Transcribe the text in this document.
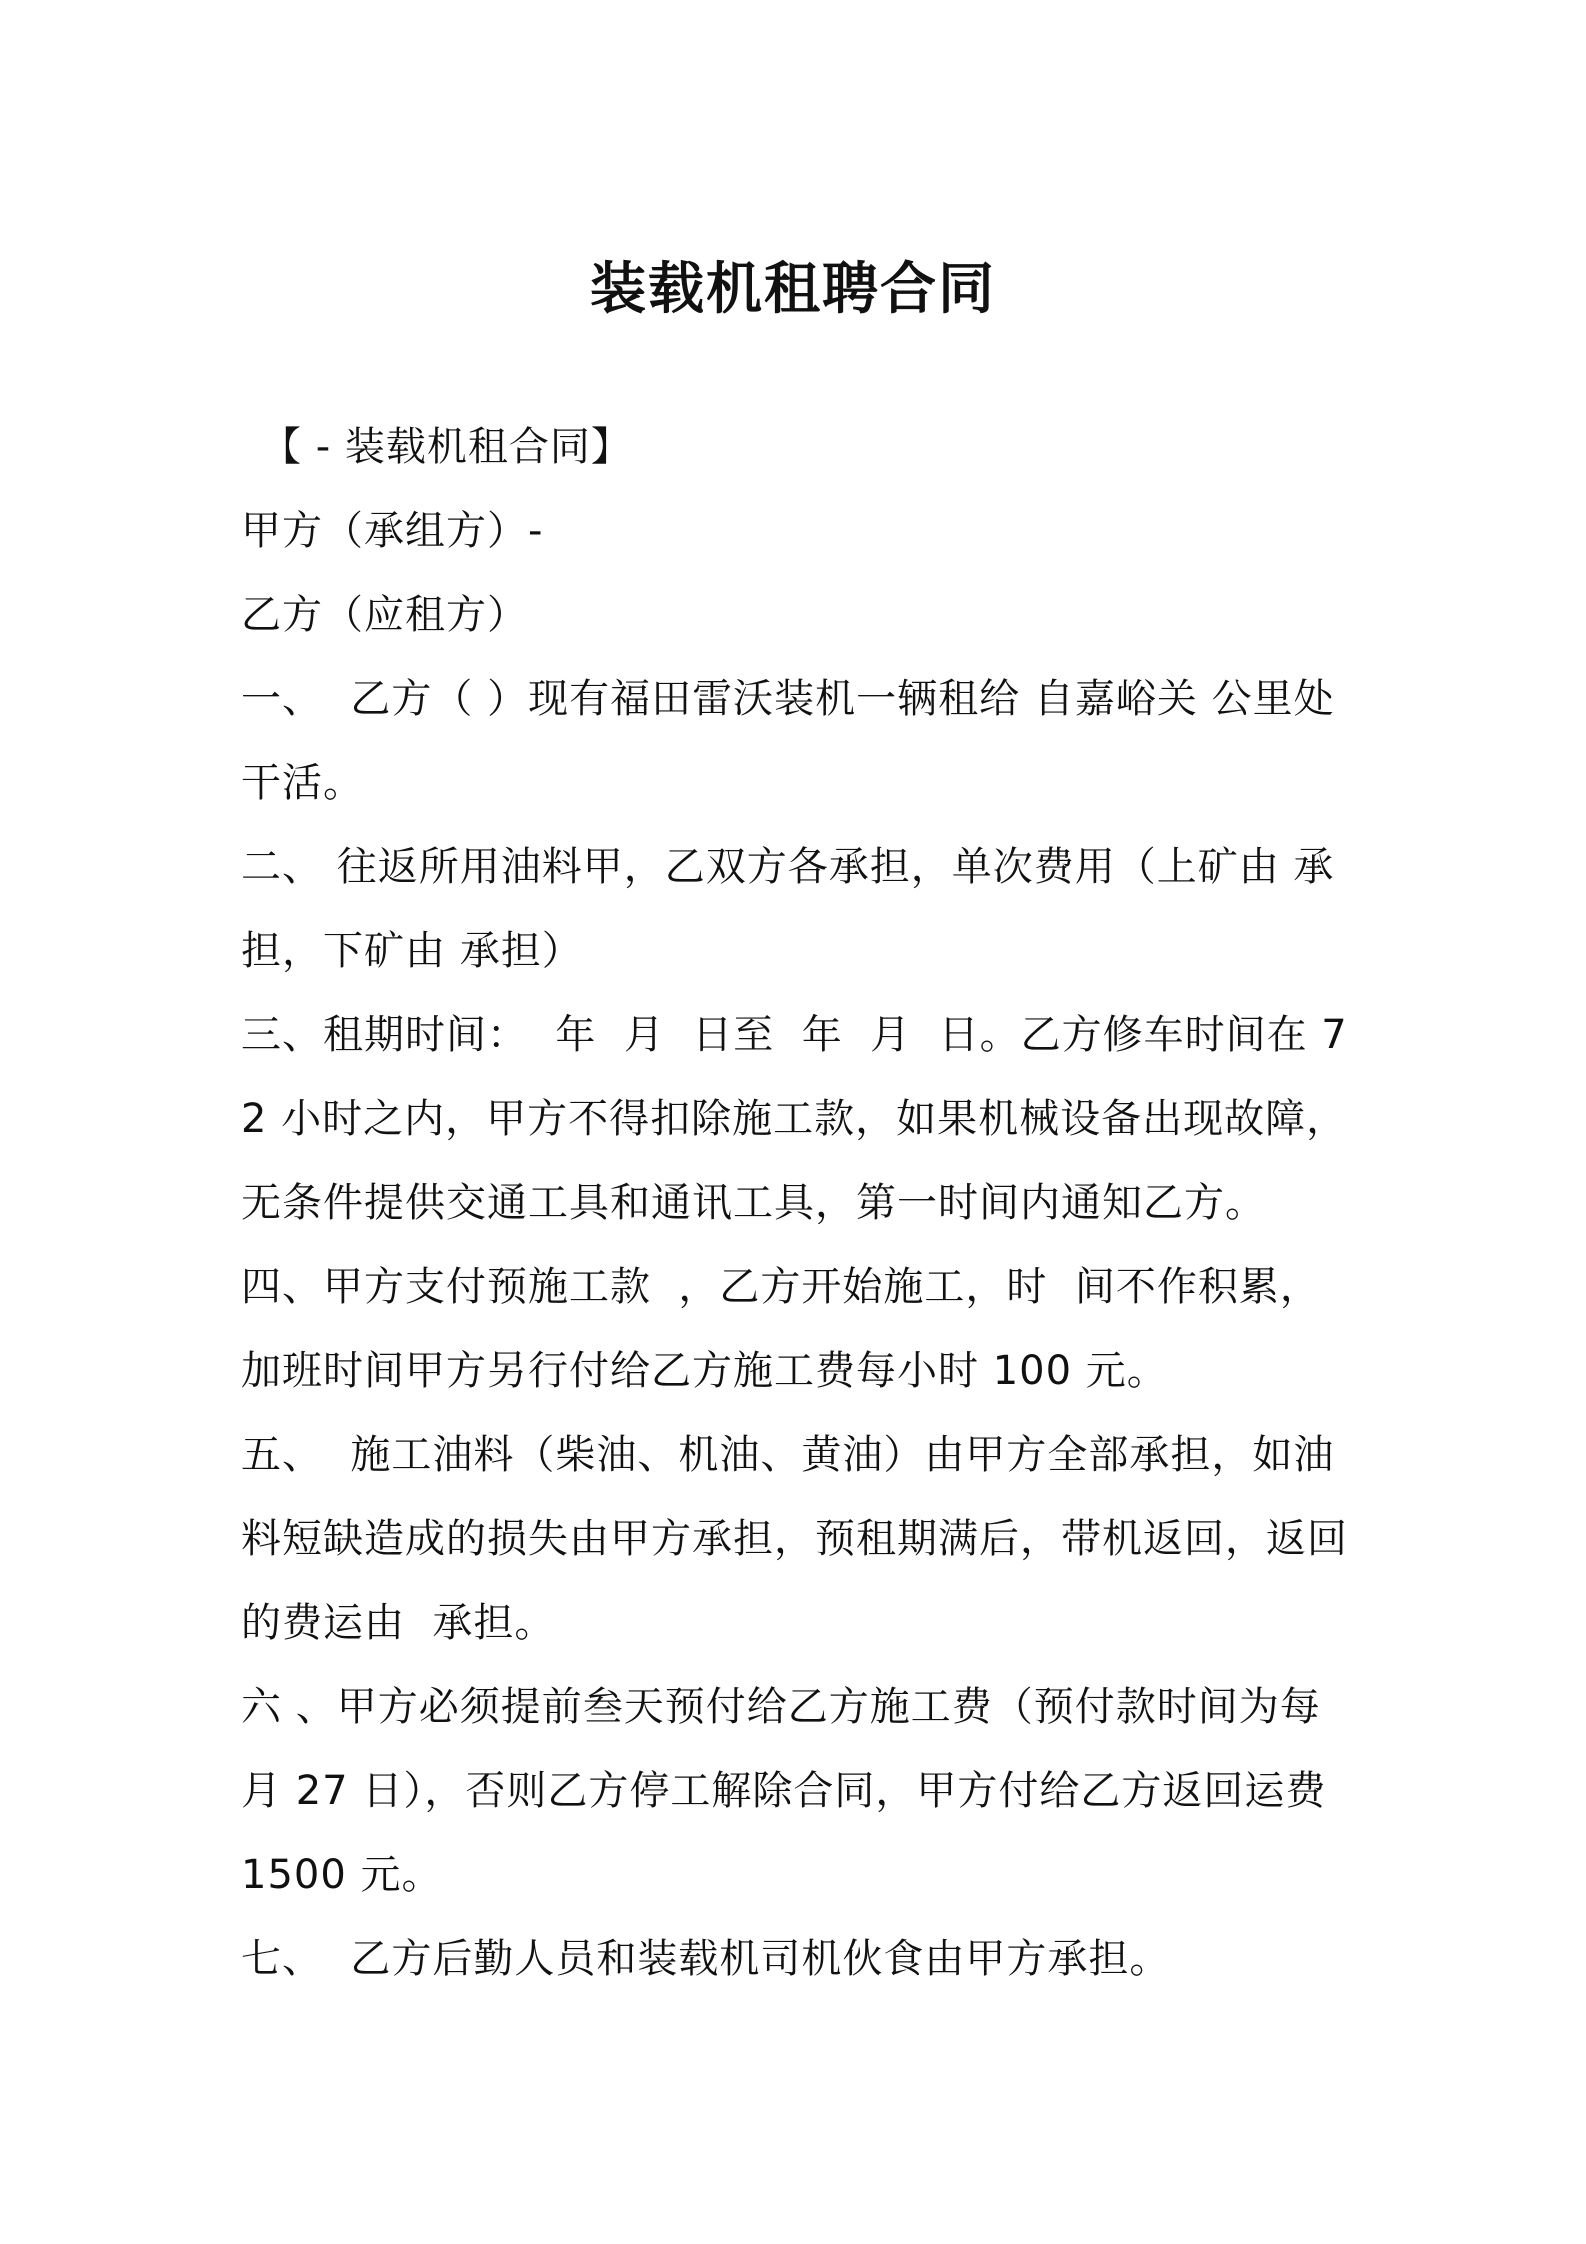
装载机租聘合同

【 - 装载机租合同】

甲方（承组方）-

乙方（应租方）

一、  乙方（ ）现有福田雷沃装机一辆租给 自嘉峪关 公里处干活。

二、 往返所用油料甲，乙双方各承担，单次费用（上矿由 承担，下矿由 承担）

三、租期时间：  年  月  日至  年  月  日。乙方修车时间在 72 小时之内，甲方不得扣除施工款，如果机械设备出现故障，无条件提供交通工具和通讯工具，第一时间内通知乙方。

四、甲方支付预施工款  ，乙方开始施工，时  间不作积累，加班时间甲方另行付给乙方施工费每小时 100 元。

五、  施工油料（柴油、机油、黄油）由甲方全部承担，如油料短缺造成的损失由甲方承担，预租期满后，带机返回，返回的费运由  承担。

六 、甲方必须提前叁天预付给乙方施工费（预付款时间为每月 27 日），否则乙方停工解除合同，甲方付给乙方返回运费 1500 元。

七、  乙方后勤人员和装载机司机伙食由甲方承担。
